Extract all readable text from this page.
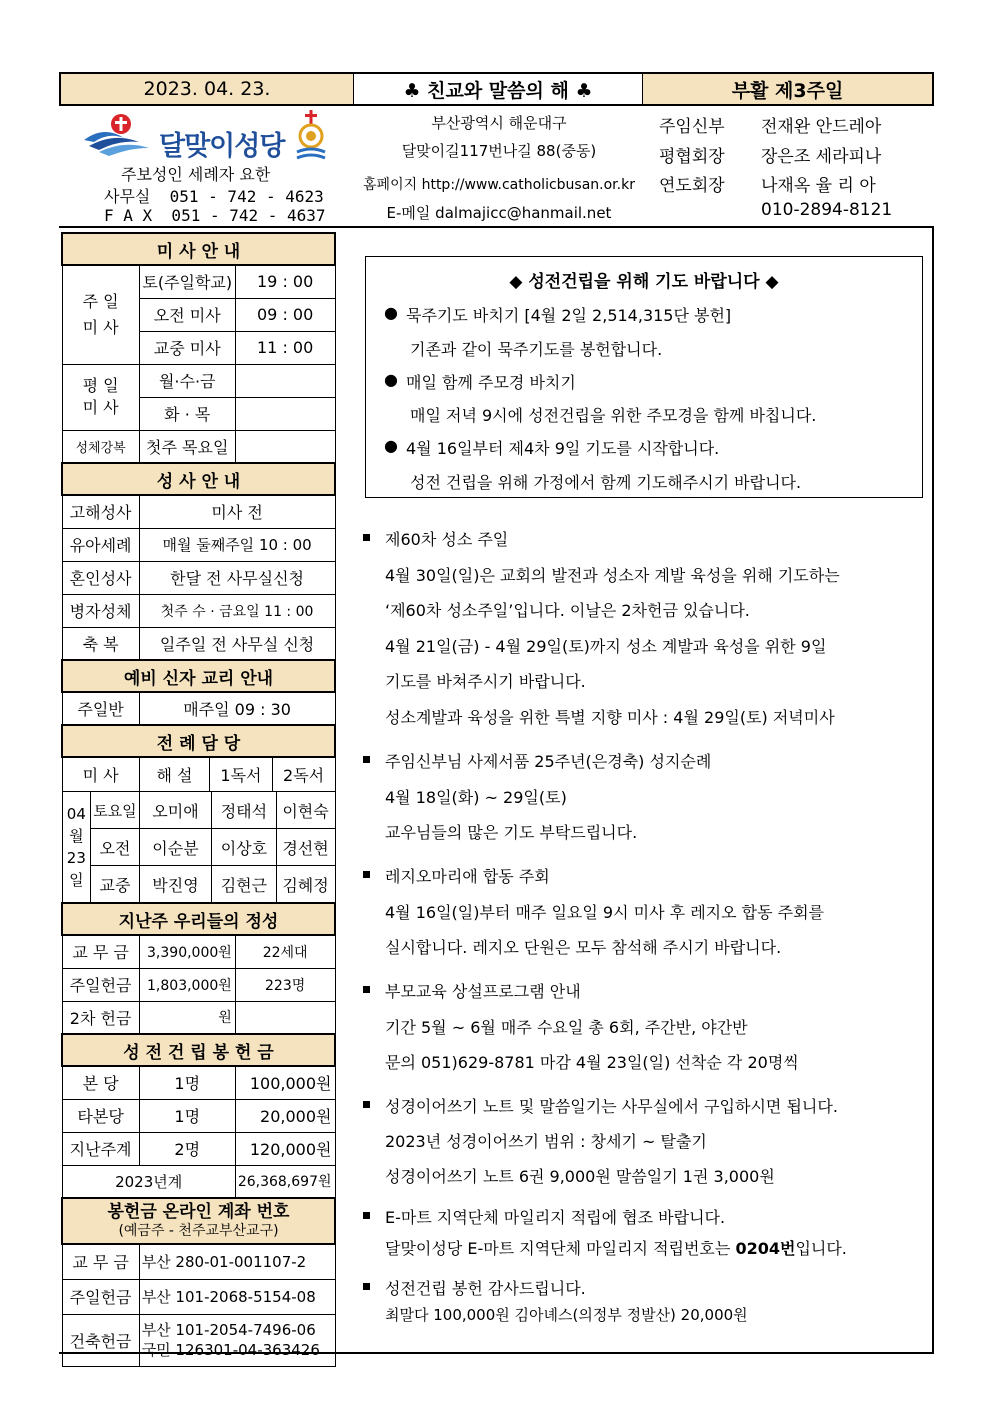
2023. 04. 23.	♣ 친교와 말씀의 해 ♣	부활 제3주일
달맞이성당
주보성인 세례자 요한
사무실  051 - 742 - 4623
F A X  051 - 742 - 4637
부산광역시 해운대구
달맞이길117번나길 88(중동)
홈페이지 http://www.catholicbusan.or.kr
E-메일 dalmajicc@hanmail.net
주임신부 전재완 안드레아
평협회장 장은조 세라피나
연도회장 나재옥 율 리 아
010-2894-8121
미 사 안 내
주 일
미 사	토(주일학교)	19 : 00
오전 미사	09 : 00
교중 미사	11 : 00
평 일
미 사	월·수·금	
화 · 목	
성체강복	첫주 목요일	
성 사 안 내
고해성사	미사 전
유아세례	매월 둘째주일 10 : 00
혼인성사	한달 전 사무실신청
병자성체	첫주 수 · 금요일 11 : 00
축 복	일주일 전 사무실 신청
예비 신자 교리 안내
주일반	매주일 09 : 30
전 례 담 당
미 사	해 설	1독서	2독서

04월
23일	토요일	오미애	정태석	이현숙

오전	이순분	이상호	경선현

교중	박진영	김현근	김혜정

지난주 우리들의 정성
교 무 금	3,390,000원	22세대
주일헌금	1,803,000원	223명
2차 헌금	원	
성 전 건 립 봉 헌 금
본 당	1명	100,000원
타본당	1명	20,000원
지난주계	2명	120,000원
2023년계	26,368,697원
봉헌금 온라인 계좌 번호
(예금주 - 천주교부산교구)
교 무 금	부산 280-01-001107-2
주일헌금	부산 101-2068-5154-08
건축헌금	부산 101-2054-7496-06
국민 126301-04-363426
◆ 성전건립을 위해 기도 바랍니다 ◆
● 묵주기도 바치기 [4월 2일 2,514,315단 봉헌]
기존과 같이 묵주기도를 봉헌합니다.
● 매일 함께 주모경 바치기
매일 저녁 9시에 성전건립을 위한 주모경을 함께 바칩니다.
● 4월 16일부터 제4차 9일 기도를 시작합니다.
성전 건립을 위해 가정에서 함께 기도해주시기 바랍니다.
제60차 성소 주일
4월 30일(일)은 교회의 발전과 성소자 계발 육성을 위해 기도하는
‘제60차 성소주일’입니다. 이날은 2차헌금 있습니다.
4월 21일(금) - 4월 29일(토)까지 성소 계발과 육성을 위한 9일
기도를 바쳐주시기 바랍니다.
성소계발과 육성을 위한 특별 지향 미사 : 4월 29일(토) 저녁미사
주임신부님 사제서품 25주년(은경축) 성지순례
4월 18일(화) ~ 29일(토)
교우님들의 많은 기도 부탁드립니다.
레지오마리애 합동 주회
4월 16일(일)부터 매주 일요일 9시 미사 후 레지오 합동 주회를
실시합니다. 레지오 단원은 모두 참석해 주시기 바랍니다.
부모교육 상설프로그램 안내
기간 5월 ~ 6월 매주 수요일 총 6회, 주간반, 야간반
문의 051)629-8781 마감 4월 23일(일) 선착순 각 20명씩
성경이어쓰기 노트 및 말씀일기는 사무실에서 구입하시면 됩니다.
2023년 성경이어쓰기 범위 : 창세기 ~ 탈출기
성경이어쓰기 노트 6권 9,000원 말씀일기 1권 3,000원
E-마트 지역단체 마일리지 적립에 협조 바랍니다.
달맞이성당 E-마트 지역단체 마일리지 적립번호는 0204번입니다.
성전건립 봉헌 감사드립니다.
최말다 100,000원 김아녜스(의정부 정발산) 20,000원
